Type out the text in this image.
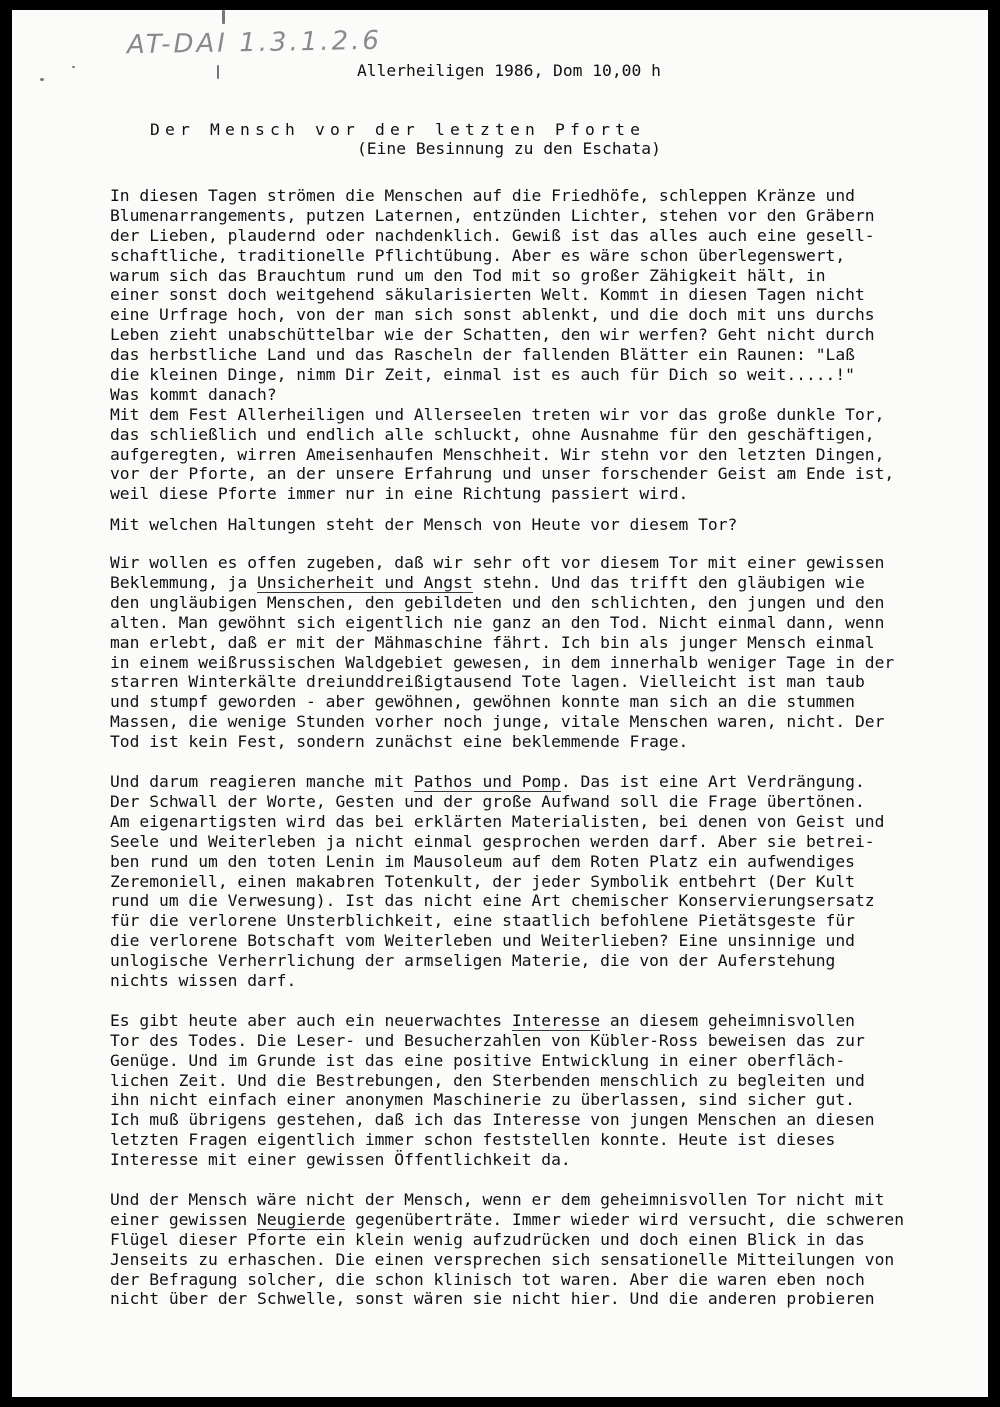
AT-DAI 1.3.1.2.6
Allerheiligen 1986, Dom 10,00 h
Der Mensch vor der letzten Pforte
(Eine Besinnung zu den Eschata)
In diesen Tagen strömen die Menschen auf die Friedhöfe, schleppen Kränze und
Blumenarrangements, putzen Laternen, entzünden Lichter, stehen vor den Gräbern
der Lieben, plaudernd oder nachdenklich. Gewiß ist das alles auch eine gesell-
schaftliche, traditionelle Pflichtübung. Aber es wäre schon überlegenswert,
warum sich das Brauchtum rund um den Tod mit so großer Zähigkeit hält, in
einer sonst doch weitgehend säkularisierten Welt. Kommt in diesen Tagen nicht
eine Urfrage hoch, von der man sich sonst ablenkt, und die doch mit uns durchs
Leben zieht unabschüttelbar wie der Schatten, den wir werfen? Geht nicht durch
das herbstliche Land und das Rascheln der fallenden Blätter ein Raunen: "Laß
die kleinen Dinge, nimm Dir Zeit, einmal ist es auch für Dich so weit.....!"
Was kommt danach?
Mit dem Fest Allerheiligen und Allerseelen treten wir vor das große dunkle Tor,
das schließlich und endlich alle schluckt, ohne Ausnahme für den geschäftigen,
aufgeregten, wirren Ameisenhaufen Menschheit. Wir stehn vor den letzten Dingen,
vor der Pforte, an der unsere Erfahrung und unser forschender Geist am Ende ist,
weil diese Pforte immer nur in eine Richtung passiert wird.
Mit welchen Haltungen steht der Mensch von Heute vor diesem Tor?
Wir wollen es offen zugeben, daß wir sehr oft vor diesem Tor mit einer gewissen
Beklemmung, ja Unsicherheit und Angst stehn. Und das trifft den gläubigen wie
den ungläubigen Menschen, den gebildeten und den schlichten, den jungen und den
alten. Man gewöhnt sich eigentlich nie ganz an den Tod. Nicht einmal dann, wenn
man erlebt, daß er mit der Mähmaschine fährt. Ich bin als junger Mensch einmal
in einem weißrussischen Waldgebiet gewesen, in dem innerhalb weniger Tage in der
starren Winterkälte dreiunddreißigtausend Tote lagen. Vielleicht ist man taub
und stumpf geworden - aber gewöhnen, gewöhnen konnte man sich an die stummen
Massen, die wenige Stunden vorher noch junge, vitale Menschen waren, nicht. Der
Tod ist kein Fest, sondern zunächst eine beklemmende Frage.
Und darum reagieren manche mit Pathos und Pomp. Das ist eine Art Verdrängung.
Der Schwall der Worte, Gesten und der große Aufwand soll die Frage übertönen.
Am eigenartigsten wird das bei erklärten Materialisten, bei denen von Geist und
Seele und Weiterleben ja nicht einmal gesprochen werden darf. Aber sie betrei-
ben rund um den toten Lenin im Mausoleum auf dem Roten Platz ein aufwendiges
Zeremoniell, einen makabren Totenkult, der jeder Symbolik entbehrt (Der Kult
rund um die Verwesung). Ist das nicht eine Art chemischer Konservierungsersatz
für die verlorene Unsterblichkeit, eine staatlich befohlene Pietätsgeste für
die verlorene Botschaft vom Weiterleben und Weiterlieben? Eine unsinnige und
unlogische Verherrlichung der armseligen Materie, die von der Auferstehung
nichts wissen darf.
Es gibt heute aber auch ein neuerwachtes Interesse an diesem geheimnisvollen
Tor des Todes. Die Leser- und Besucherzahlen von Kübler-Ross beweisen das zur
Genüge. Und im Grunde ist das eine positive Entwicklung in einer oberfläch-
lichen Zeit. Und die Bestrebungen, den Sterbenden menschlich zu begleiten und
ihn nicht einfach einer anonymen Maschinerie zu überlassen, sind sicher gut.
Ich muß übrigens gestehen, daß ich das Interesse von jungen Menschen an diesen
letzten Fragen eigentlich immer schon feststellen konnte. Heute ist dieses
Interesse mit einer gewissen Öffentlichkeit da.
Und der Mensch wäre nicht der Mensch, wenn er dem geheimnisvollen Tor nicht mit
einer gewissen Neugierde gegenüberträte. Immer wieder wird versucht, die schweren
Flügel dieser Pforte ein klein wenig aufzudrücken und doch einen Blick in das
Jenseits zu erhaschen. Die einen versprechen sich sensationelle Mitteilungen von
der Befragung solcher, die schon klinisch tot waren. Aber die waren eben noch
nicht über der Schwelle, sonst wären sie nicht hier. Und die anderen probieren
